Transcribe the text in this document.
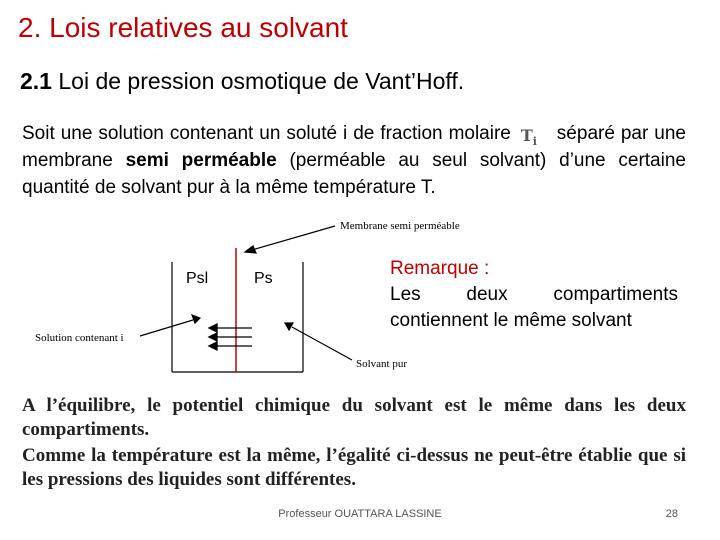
2. Lois relatives au solvant
2.1 Loi de pression osmotique de Vant’Hoff.

Soit une solution contenant un soluté i de fraction molaire $T_i$ séparé par une membrane semi perméable (perméable au seul solvant) d’une certaine quantité de solvant pur à la même température T.

Membrane semi perméable
Psl	Ps
Solution contenant i
Solvant pur
Remarque :
Les deux compartiments
contiennent le même solvant
A l’équilibre, le potentiel chimique du solvant est le même dans les deux compartiments.
Comme la température est la même, l’égalité ci-dessus ne peut-être établie que si les pressions des liquides sont différentes.
Professeur OUATTARA LASSINE	28
